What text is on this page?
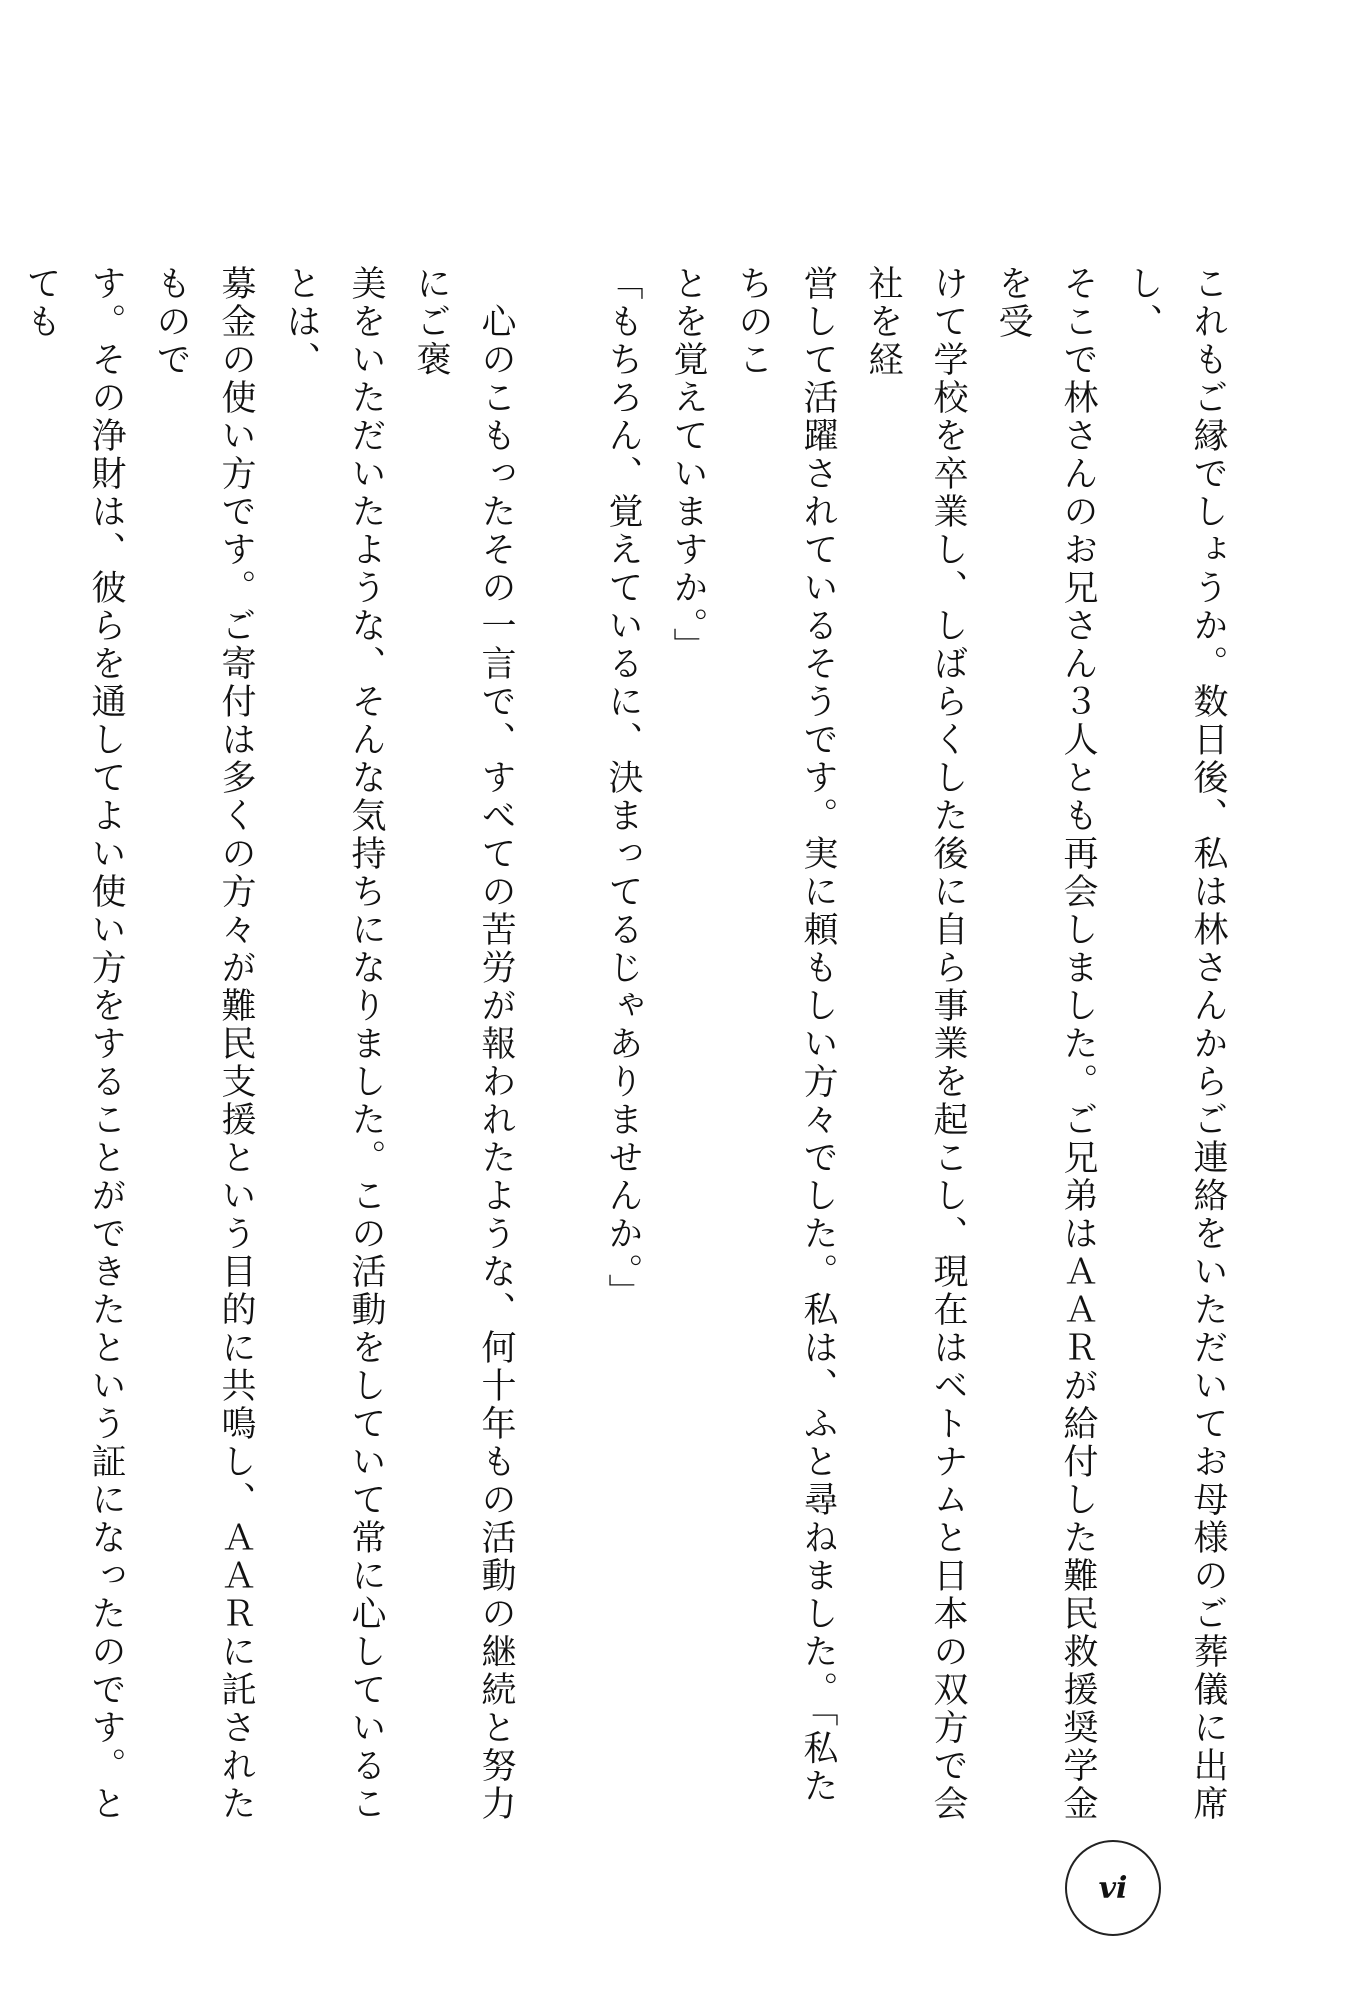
これもご縁でしょうか。数日後、私は林さんからご連絡をいただいてお母様のご葬儀に出席し、
そこで林さんのお兄さん３人とも再会しました。ご兄弟はＡＡＲが給付した難民救援奨学金を受
けて学校を卒業し、しばらくした後に自ら事業を起こし、現在はベトナムと日本の双方で会社を経
営して活躍されているそうです。実に頼もしい方々でした。私は、ふと尋ねました。「私たちのこ
とを覚えていますか。」
「もちろん、覚えているに、決まってるじゃありませんか。」
　心のこもったその一言で、すべての苦労が報われたような、何十年もの活動の継続と努力にご褒
美をいただいたような、そんな気持ちになりました。この活動をしていて常に心していることは、
募金の使い方です。ご寄付は多くの方々が難民支援という目的に共鳴し、ＡＡＲに託されたもので
す。その浄財は、彼らを通してよい使い方をすることができたという証になったのです。とても
vi
